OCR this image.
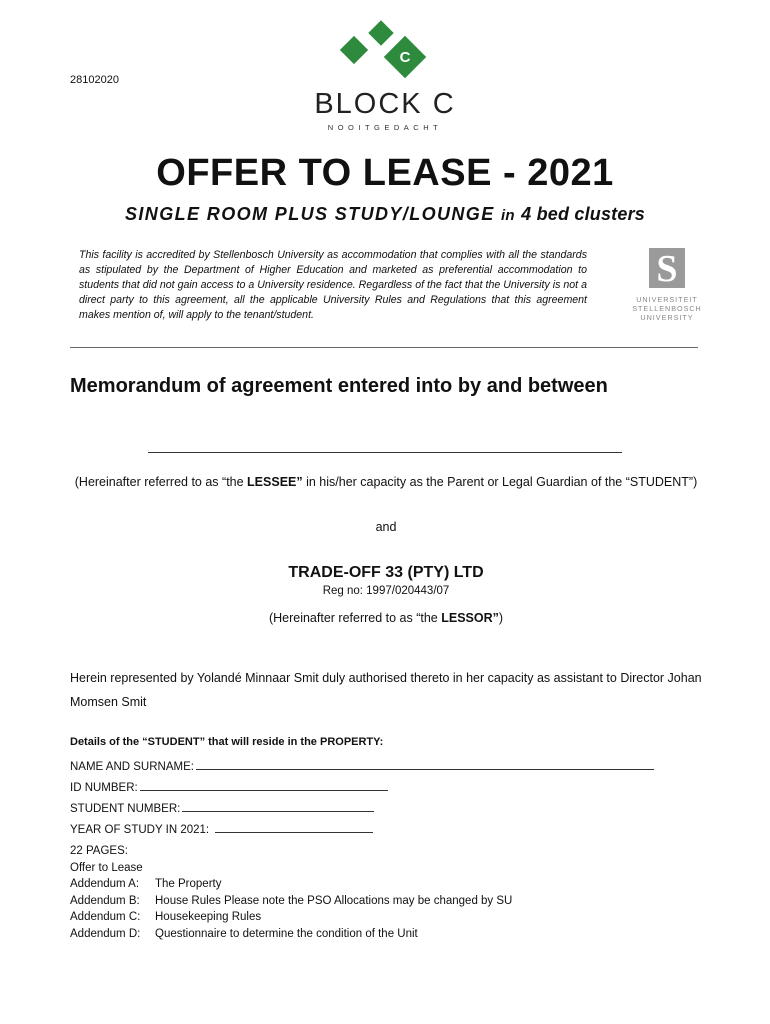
28102020
C
BLOCK C
NOOITGEDACHT
OFFER TO LEASE - 2021
SINGLE ROOM PLUS STUDY/LOUNGE in 4 bed clusters
This facility is accredited by Stellenbosch University as accommodation that complies with all the standards as stipulated by the Department of Higher Education and marketed as preferential accommodation to students that did not gain access to a University residence. Regardless of the fact that the University is not a direct party to this agreement, all the applicable University Rules and Regulations that this agreement makes mention of, will apply to the tenant/student.
S
UNIVERSITEIT
STELLENBOSCH
UNIVERSITY
Memorandum of agreement entered into by and between
(Hereinafter referred to as “the LESSEE” in his/her capacity as the Parent or Legal Guardian of the “STUDENT”)
and
TRADE-OFF 33 (PTY) LTD
Reg no: 1997/020443/07
(Hereinafter referred to as “the LESSOR”)
Herein represented by Yolandé Minnaar Smit duly authorised thereto in her capacity as assistant to Director Johan Momsen Smit
Details of the “STUDENT” that will reside in the PROPERTY:
NAME AND SURNAME:
ID NUMBER:
STUDENT NUMBER:
YEAR OF STUDY IN 2021:
22 PAGES:
Offer to Lease
Addendum A: The Property
Addendum B: House Rules Please note the PSO Allocations may be changed by SU
Addendum C: Housekeeping Rules
Addendum D: Questionnaire to determine the condition of the Unit
